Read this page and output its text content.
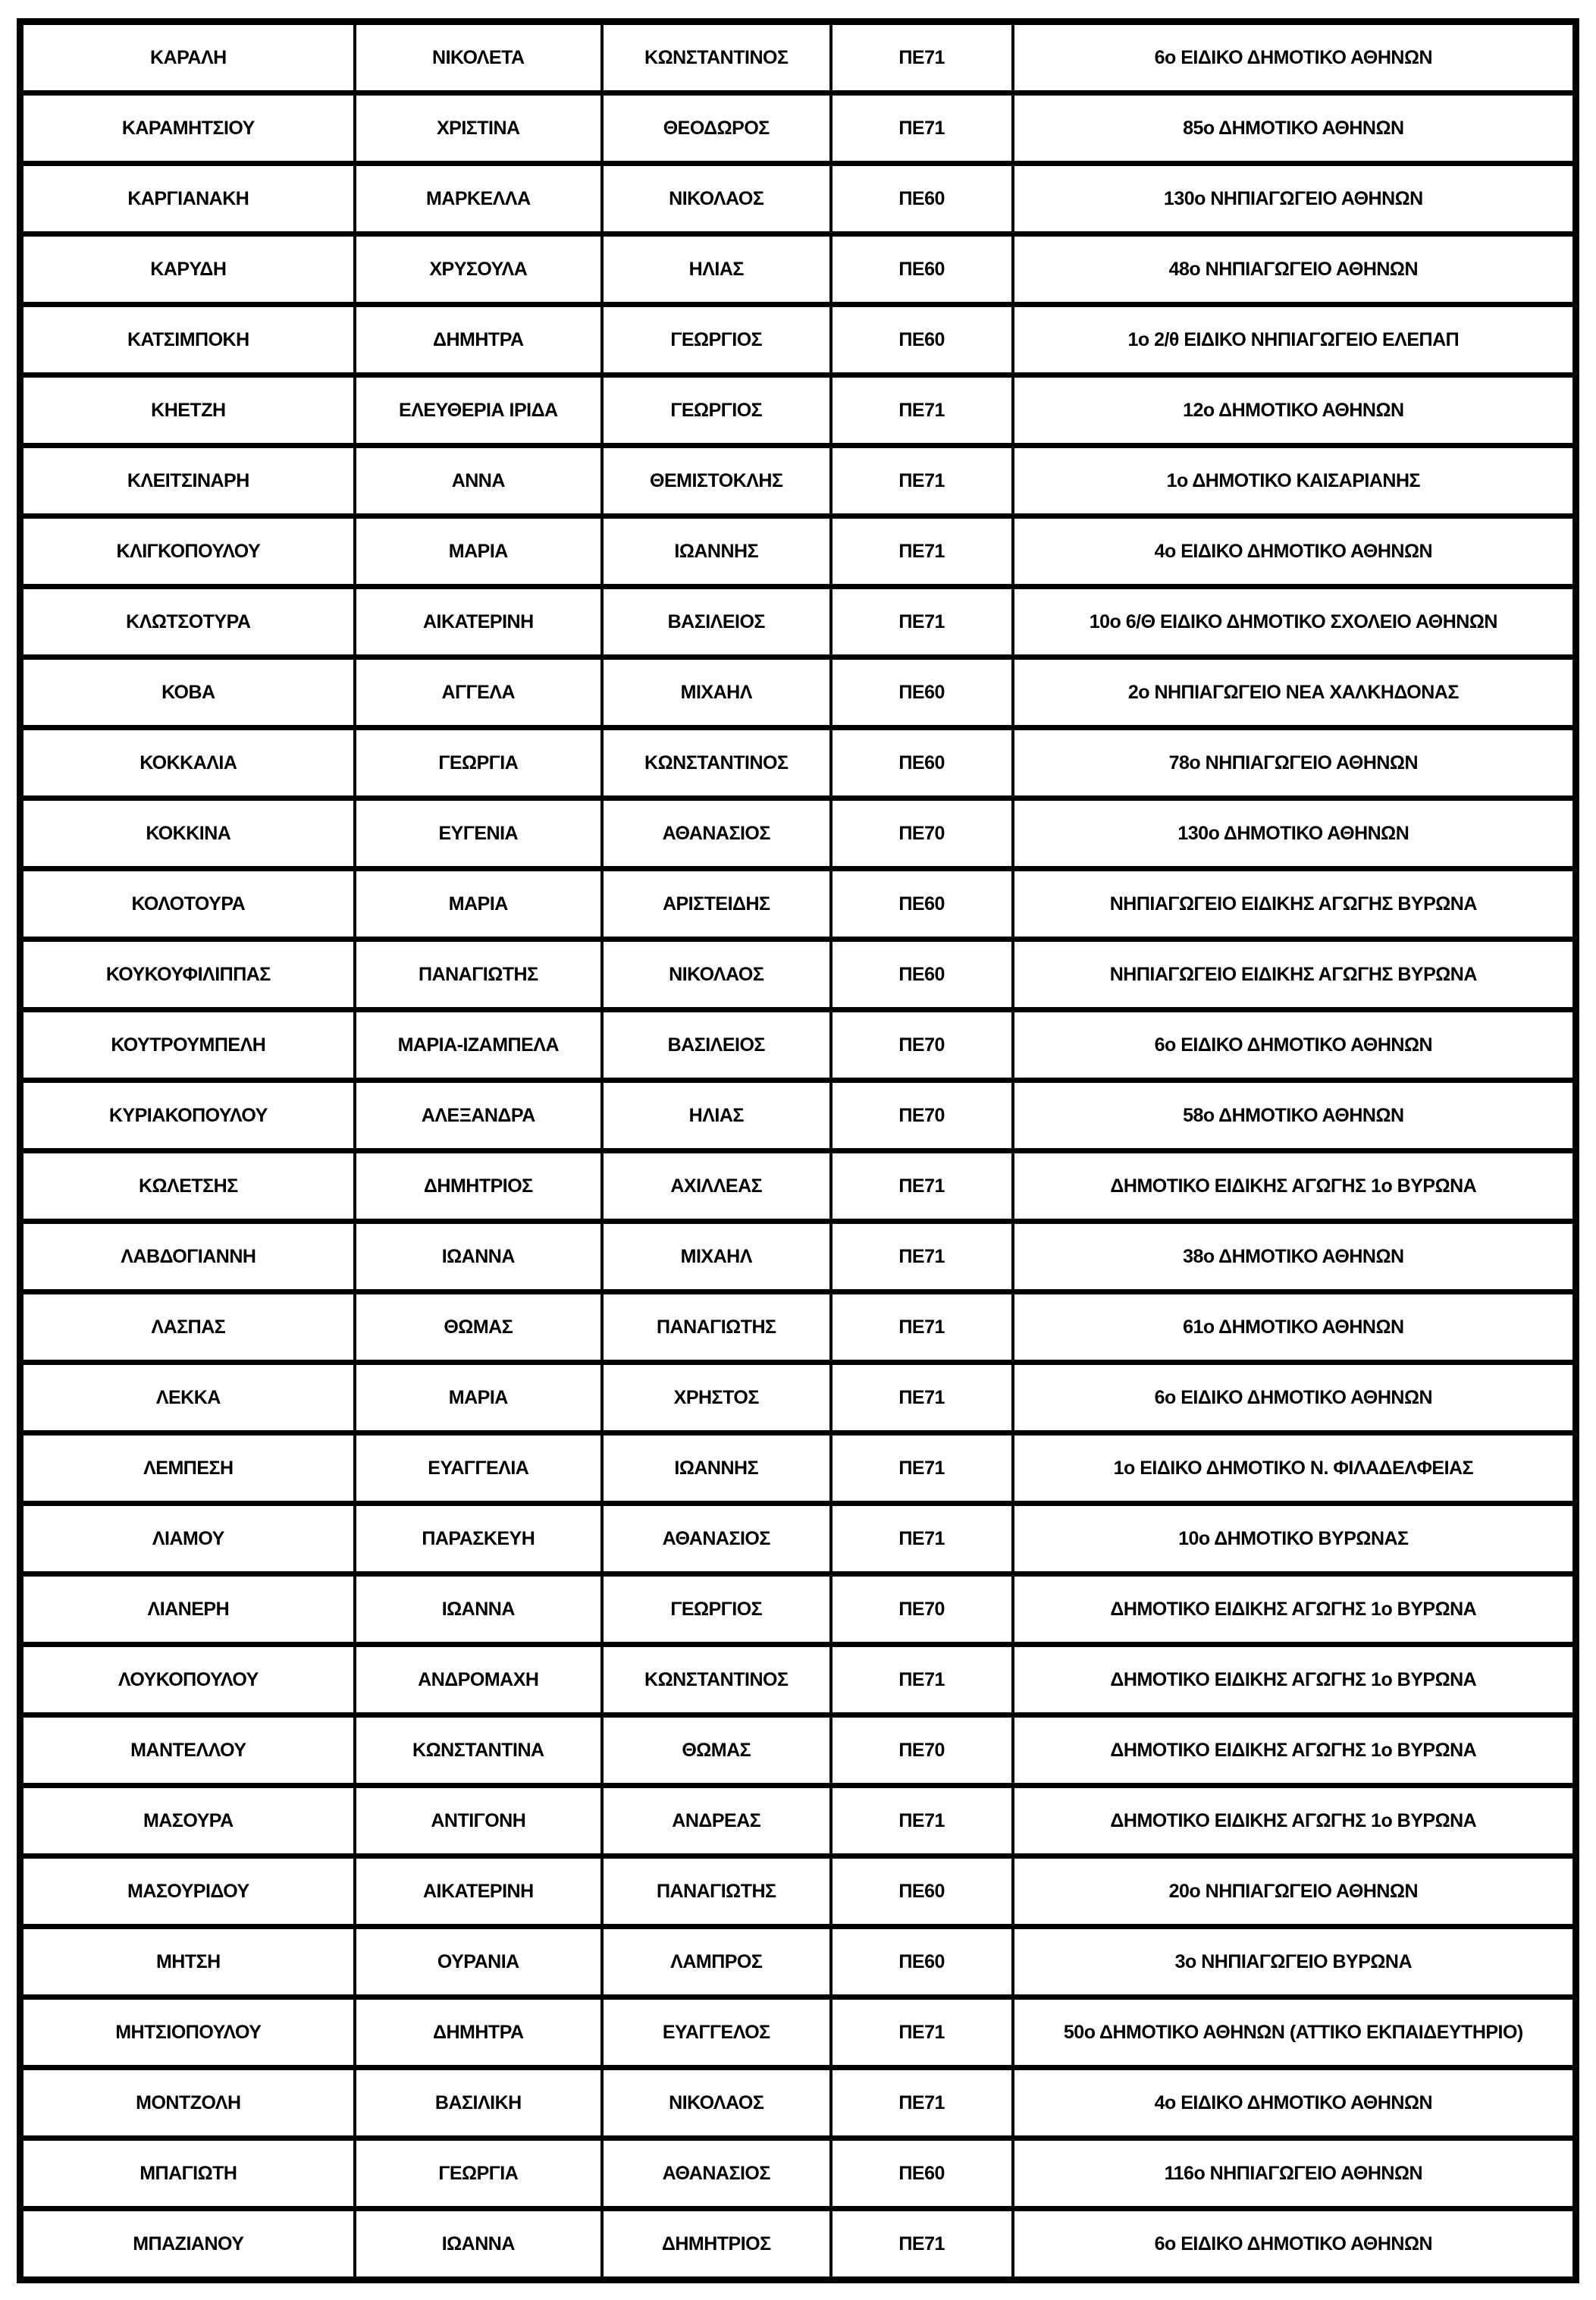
ΚΑΡΑΛΗ	ΝΙΚΟΛΕΤΑ	ΚΩΝΣΤΑΝΤΙΝΟΣ	ΠΕ71	6ο ΕΙΔΙΚΟ ΔΗΜΟΤΙΚΟ ΑΘΗΝΩΝ
ΚΑΡΑΜΗΤΣΙΟΥ	ΧΡΙΣΤΙΝΑ	ΘΕΟΔΩΡΟΣ	ΠΕ71	85ο ΔΗΜΟΤΙΚΟ ΑΘΗΝΩΝ
ΚΑΡΓΙΑΝΑΚΗ	ΜΑΡΚΕΛΛΑ	ΝΙΚΟΛΑΟΣ	ΠΕ60	130ο ΝΗΠΙΑΓΩΓΕΙΟ ΑΘΗΝΩΝ
ΚΑΡΥΔΗ	ΧΡΥΣΟΥΛΑ	ΗΛΙΑΣ	ΠΕ60	48ο ΝΗΠΙΑΓΩΓΕΙΟ ΑΘΗΝΩΝ
ΚΑΤΣΙΜΠΟΚΗ	ΔΗΜΗΤΡΑ	ΓΕΩΡΓΙΟΣ	ΠΕ60	1ο 2/θ ΕΙΔΙΚΟ ΝΗΠΙΑΓΩΓΕΙΟ ΕΛΕΠΑΠ
ΚΗΕΤΖΗ	ΕΛΕΥΘΕΡΙΑ ΙΡΙΔΑ	ΓΕΩΡΓΙΟΣ	ΠΕ71	12ο ΔΗΜΟΤΙΚΟ ΑΘΗΝΩΝ
ΚΛΕΙΤΣΙΝΑΡΗ	ΑΝΝΑ	ΘΕΜΙΣΤΟΚΛΗΣ	ΠΕ71	1ο ΔΗΜΟΤΙΚΟ ΚΑΙΣΑΡΙΑΝΗΣ
ΚΛΙΓΚΟΠΟΥΛΟΥ	ΜΑΡΙΑ	ΙΩΑΝΝΗΣ	ΠΕ71	4ο ΕΙΔΙΚΟ ΔΗΜΟΤΙΚΟ ΑΘΗΝΩΝ
ΚΛΩΤΣΟΤΥΡΑ	ΑΙΚΑΤΕΡΙΝΗ	ΒΑΣΙΛΕΙΟΣ	ΠΕ71	10ο 6/Θ ΕΙΔΙΚΟ ΔΗΜΟΤΙΚΟ ΣΧΟΛΕΙΟ ΑΘΗΝΩΝ
ΚΟΒΑ	ΑΓΓΕΛΑ	ΜΙΧΑΗΛ	ΠΕ60	2ο ΝΗΠΙΑΓΩΓΕΙΟ ΝΕΑ ΧΑΛΚΗΔΟΝΑΣ
ΚΟΚΚΑΛΙΑ	ΓΕΩΡΓΙΑ	ΚΩΝΣΤΑΝΤΙΝΟΣ	ΠΕ60	78ο ΝΗΠΙΑΓΩΓΕΙΟ ΑΘΗΝΩΝ
ΚΟΚΚΙΝΑ	ΕΥΓΕΝΙΑ	ΑΘΑΝΑΣΙΟΣ	ΠΕ70	130ο ΔΗΜΟΤΙΚΟ ΑΘΗΝΩΝ
ΚΟΛΟΤΟΥΡΑ	ΜΑΡΙΑ	ΑΡΙΣΤΕΙΔΗΣ	ΠΕ60	ΝΗΠΙΑΓΩΓΕΙΟ ΕΙΔΙΚΗΣ ΑΓΩΓΗΣ ΒΥΡΩΝΑ
ΚΟΥΚΟΥΦΙΛΙΠΠΑΣ	ΠΑΝΑΓΙΩΤΗΣ	ΝΙΚΟΛΑΟΣ	ΠΕ60	ΝΗΠΙΑΓΩΓΕΙΟ ΕΙΔΙΚΗΣ ΑΓΩΓΗΣ ΒΥΡΩΝΑ
ΚΟΥΤΡΟΥΜΠΕΛΗ	ΜΑΡΙΑ-ΙΖΑΜΠΕΛΑ	ΒΑΣΙΛΕΙΟΣ	ΠΕ70	6ο ΕΙΔΙΚΟ ΔΗΜΟΤΙΚΟ ΑΘΗΝΩΝ
ΚΥΡΙΑΚΟΠΟΥΛΟΥ	ΑΛΕΞΑΝΔΡΑ	ΗΛΙΑΣ	ΠΕ70	58ο ΔΗΜΟΤΙΚΟ ΑΘΗΝΩΝ
ΚΩΛΕΤΣΗΣ	ΔΗΜΗΤΡΙΟΣ	ΑΧΙΛΛΕΑΣ	ΠΕ71	ΔΗΜΟΤΙΚΟ ΕΙΔΙΚΗΣ ΑΓΩΓΗΣ 1ο ΒΥΡΩΝΑ
ΛΑΒΔΟΓΙΑΝΝΗ	ΙΩΑΝΝΑ	ΜΙΧΑΗΛ	ΠΕ71	38ο ΔΗΜΟΤΙΚΟ ΑΘΗΝΩΝ
ΛΑΣΠΑΣ	ΘΩΜΑΣ	ΠΑΝΑΓΙΩΤΗΣ	ΠΕ71	61ο ΔΗΜΟΤΙΚΟ ΑΘΗΝΩΝ
ΛΕΚΚΑ	ΜΑΡΙΑ	ΧΡΗΣΤΟΣ	ΠΕ71	6ο ΕΙΔΙΚΟ ΔΗΜΟΤΙΚΟ ΑΘΗΝΩΝ
ΛΕΜΠΕΣΗ	ΕΥΑΓΓΕΛΙΑ	ΙΩΑΝΝΗΣ	ΠΕ71	1ο ΕΙΔΙΚΟ ΔΗΜΟΤΙΚΟ Ν. ΦΙΛΑΔΕΛΦΕΙΑΣ
ΛΙΑΜΟΥ	ΠΑΡΑΣΚΕΥΗ	ΑΘΑΝΑΣΙΟΣ	ΠΕ71	10ο ΔΗΜΟΤΙΚΟ ΒΥΡΩΝΑΣ
ΛΙΑΝΕΡΗ	ΙΩΑΝΝΑ	ΓΕΩΡΓΙΟΣ	ΠΕ70	ΔΗΜΟΤΙΚΟ ΕΙΔΙΚΗΣ ΑΓΩΓΗΣ 1ο ΒΥΡΩΝΑ
ΛΟΥΚΟΠΟΥΛΟΥ	ΑΝΔΡΟΜΑΧΗ	ΚΩΝΣΤΑΝΤΙΝΟΣ	ΠΕ71	ΔΗΜΟΤΙΚΟ ΕΙΔΙΚΗΣ ΑΓΩΓΗΣ 1ο ΒΥΡΩΝΑ
ΜΑΝΤΕΛΛΟΥ	ΚΩΝΣΤΑΝΤΙΝΑ	ΘΩΜΑΣ	ΠΕ70	ΔΗΜΟΤΙΚΟ ΕΙΔΙΚΗΣ ΑΓΩΓΗΣ 1ο ΒΥΡΩΝΑ
ΜΑΣΟΥΡΑ	ΑΝΤΙΓΟΝΗ	ΑΝΔΡΕΑΣ	ΠΕ71	ΔΗΜΟΤΙΚΟ ΕΙΔΙΚΗΣ ΑΓΩΓΗΣ 1ο ΒΥΡΩΝΑ
ΜΑΣΟΥΡΙΔΟΥ	ΑΙΚΑΤΕΡΙΝΗ	ΠΑΝΑΓΙΩΤΗΣ	ΠΕ60	20ο ΝΗΠΙΑΓΩΓΕΙΟ ΑΘΗΝΩΝ
ΜΗΤΣΗ	ΟΥΡΑΝΙΑ	ΛΑΜΠΡΟΣ	ΠΕ60	3ο ΝΗΠΙΑΓΩΓΕΙΟ ΒΥΡΩΝΑ
ΜΗΤΣΙΟΠΟΥΛΟΥ	ΔΗΜΗΤΡΑ	ΕΥΑΓΓΕΛΟΣ	ΠΕ71	50ο ΔΗΜΟΤΙΚΟ ΑΘΗΝΩΝ (ΑΤΤΙΚΟ ΕΚΠΑΙΔΕΥΤΗΡΙΟ)
ΜΟΝΤΖΟΛΗ	ΒΑΣΙΛΙΚΗ	ΝΙΚΟΛΑΟΣ	ΠΕ71	4ο ΕΙΔΙΚΟ ΔΗΜΟΤΙΚΟ ΑΘΗΝΩΝ
ΜΠΑΓΙΩΤΗ	ΓΕΩΡΓΙΑ	ΑΘΑΝΑΣΙΟΣ	ΠΕ60	116ο ΝΗΠΙΑΓΩΓΕΙΟ ΑΘΗΝΩΝ
ΜΠΑΖΙΑΝΟΥ	ΙΩΑΝΝΑ	ΔΗΜΗΤΡΙΟΣ	ΠΕ71	6ο ΕΙΔΙΚΟ ΔΗΜΟΤΙΚΟ ΑΘΗΝΩΝ
